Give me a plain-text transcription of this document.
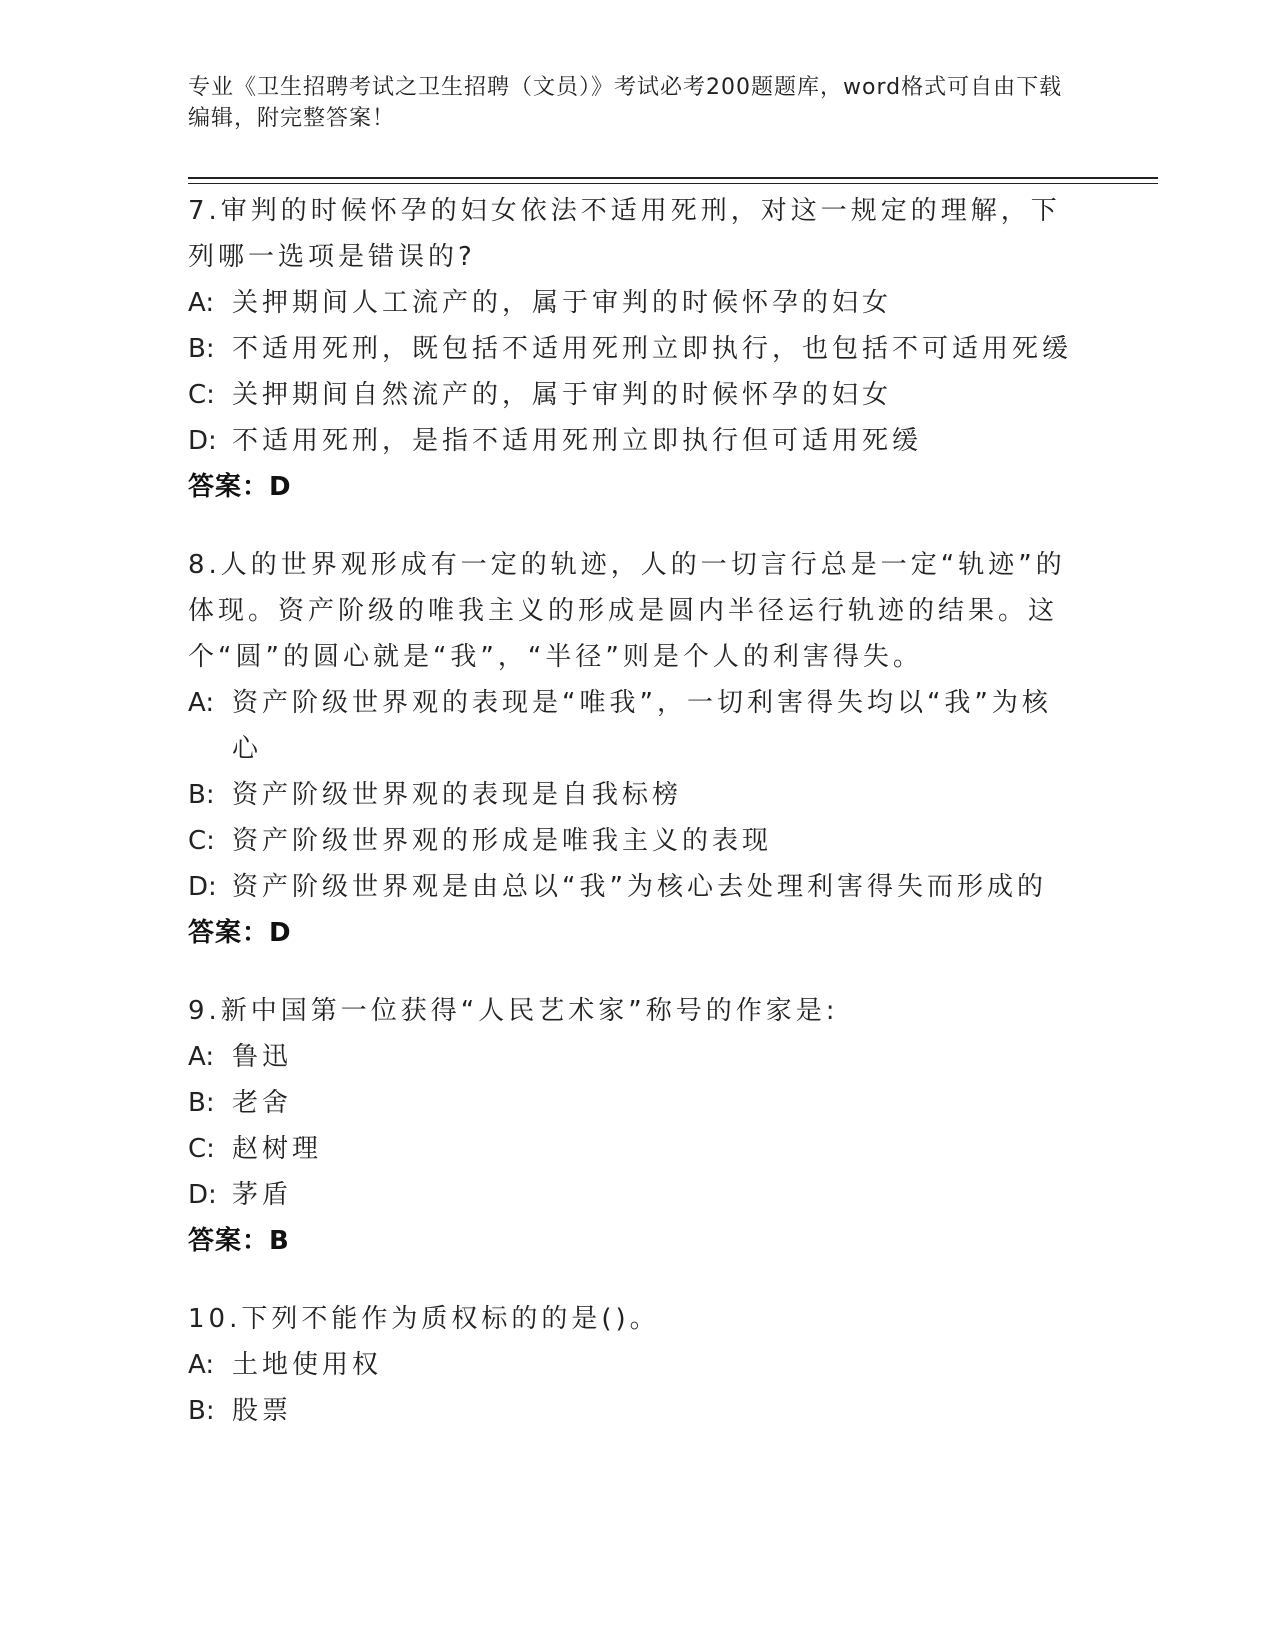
专业《卫生招聘考试之卫生招聘（文员）》考试必考200题题库，word格式可自由下载编辑，附完整答案！

7.审判的时候怀孕的妇女依法不适用死刑，对这一规定的理解，下列哪一选项是错误的?

A: 关押期间人工流产的，属于审判的时候怀孕的妇女
B: 不适用死刑，既包括不适用死刑立即执行，也包括不可适用死缓
C: 关押期间自然流产的，属于审判的时候怀孕的妇女
D: 不适用死刑，是指不适用死刑立即执行但可适用死缓

答案：D

8.人的世界观形成有一定的轨迹，人的一切言行总是一定“轨迹”的体现。资产阶级的唯我主义的形成是圆内半径运行轨迹的结果。这个“圆”的圆心就是“我”，“半径”则是个人的利害得失。

A: 资产阶级世界观的表现是“唯我”，一切利害得失均以“我”为核心
B: 资产阶级世界观的表现是自我标榜
C: 资产阶级世界观的形成是唯我主义的表现
D: 资产阶级世界观是由总以“我”为核心去处理利害得失而形成的

答案：D

9.新中国第一位获得“人民艺术家”称号的作家是:

A: 鲁迅
B: 老舍
C: 赵树理
D: 茅盾

答案：B

10.下列不能作为质权标的的是()。

A: 土地使用权
B: 股票
